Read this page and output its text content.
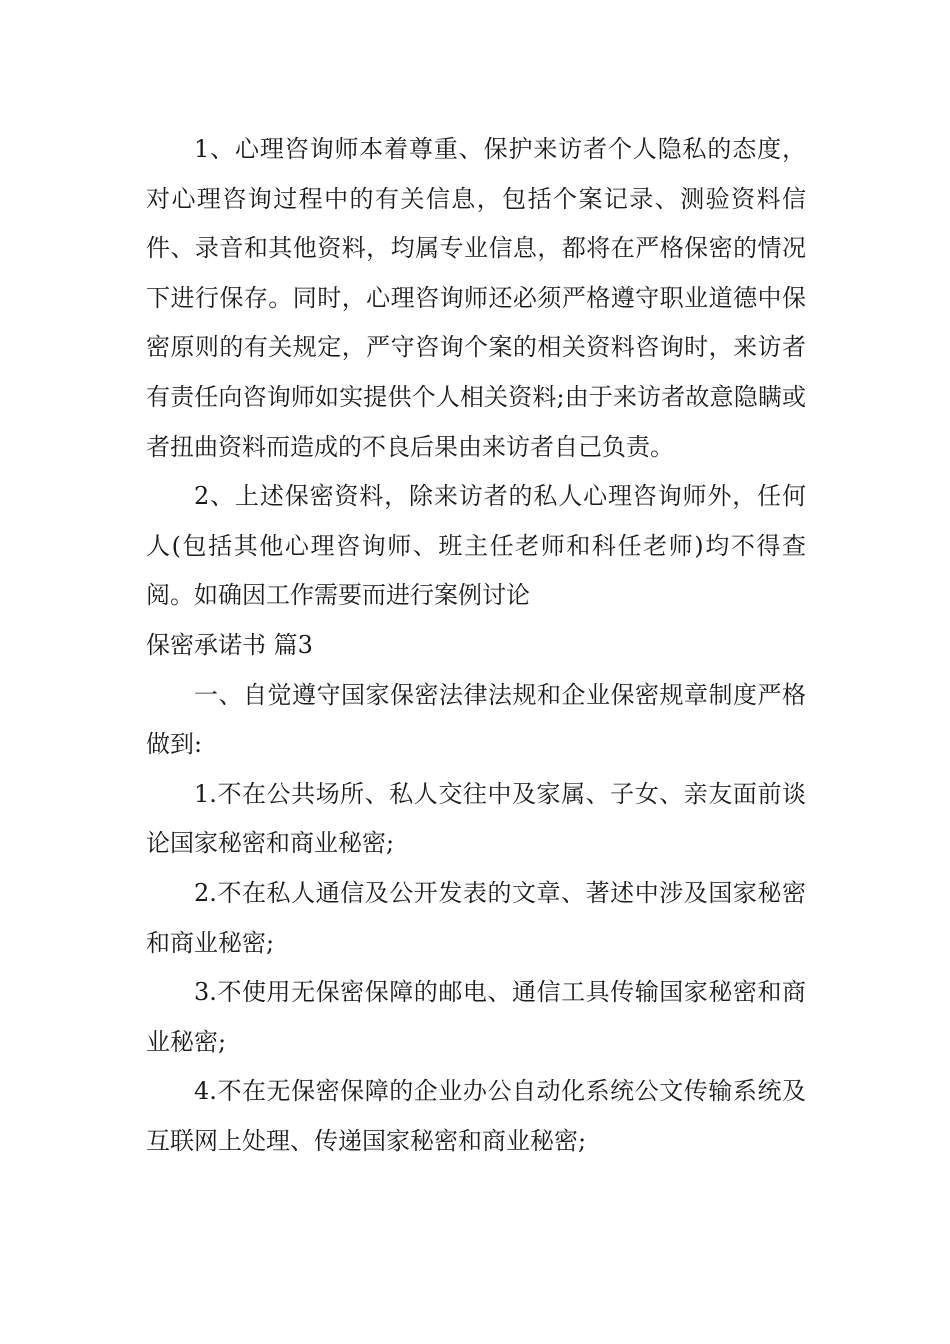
1、心理咨询师本着尊重、保护来访者个人隐私的态度，对心理咨询过程中的有关信息，包括个案记录、测验资料信件、录音和其他资料，均属专业信息，都将在严格保密的情况下进行保存。同时，心理咨询师还必须严格遵守职业道德中保密原则的有关规定，严守咨询个案的相关资料咨询时，来访者有责任向咨询师如实提供个人相关资料;由于来访者故意隐瞒或者扭曲资料而造成的不良后果由来访者自己负责。

2、上述保密资料，除来访者的私人心理咨询师外，任何人(包括其他心理咨询师、班主任老师和科任老师)均不得查阅。如确因工作需要而进行案例讨论

保密承诺书 篇3

一、自觉遵守国家保密法律法规和企业保密规章制度严格做到:

1.不在公共场所、私人交往中及家属、子女、亲友面前谈论国家秘密和商业秘密;

2.不在私人通信及公开发表的文章、著述中涉及国家秘密和商业秘密;

3.不使用无保密保障的邮电、通信工具传输国家秘密和商业秘密;

4.不在无保密保障的企业办公自动化系统公文传输系统及互联网上处理、传递国家秘密和商业秘密;
